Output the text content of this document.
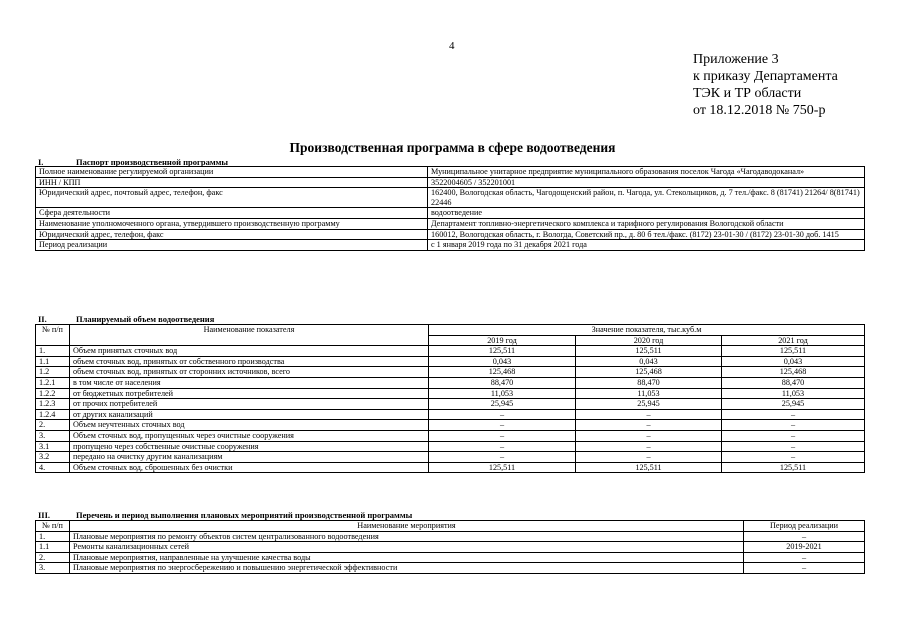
4
Приложение 3
к приказу Департамента
ТЭК и ТР области
от 18.12.2018 № 750-р
Производственная программа в сфере водоотведения
I.	Паспорт производственной программы
Полное наименование регулируемой организации	Муниципальное унитарное предприятие муниципального образования поселок Чагода «Чагодаводоканал»
ИНН / КПП	3522004605 / 352201001
Юридический адрес, почтовый адрес, телефон, факс	162400, Вологодская область, Чагодощенский район, п. Чагода, ул. Стекольщиков, д. 7 тел./факс. 8 (81741) 21264/ 8(81741) 22446
Сфера деятельности	водоотведение
Наименование уполномоченного органа, утвердившего производственную программу	Департамент топливно-энергетического комплекса и тарифного регулирования Вологодской области
Юридический адрес, телефон, факс	160012, Вологодская область, г. Вологда, Советский пр., д. 80 б тел./факс. (8172) 23-01-30 / (8172) 23-01-30 доб. 1415
Период реализации	с 1 января 2019 года по 31 декабря 2021 года
II.	Планируемый объем водоотведения
№ п/п	Наименование показателя	Значение показателя, тыс.куб.м		
		2019 год	2020 год	2021 год
1.	Объем принятых сточных вод	125,511	125,511	125,511
1.1	объем сточных вод, принятых от собственного производства	0,043	0,043	0,043
1.2	объем сточных вод, принятых от сторонних источников, всего	125,468	125,468	125,468
1.2.1	в том числе от населения	88,470	88,470	88,470
1.2.2	от бюджетных потребителей	11,053	11,053	11,053
1.2.3	от прочих потребителей	25,945	25,945	25,945
1.2.4	от других канализаций	–	–	–
2.	Объем неучтенных сточных вод	–	–	–
3.	Объем сточных вод, пропущенных через очистные сооружения	–	–	–
3.1	пропущено через собственные очистные сооружения	–	–	–
3.2	передано на очистку другим канализациям	–	–	–
4.	Объем сточных вод, сброшенных без очистки	125,511	125,511	125,511
III.	Перечень и период выполнения плановых мероприятий производственной программы
№ п/п	Наименование мероприятия	Период реализации
1.	Плановые мероприятия по ремонту объектов систем централизованного водоотведения	–
1.1	Ремонты канализационных сетей	2019-2021
2.	Плановые мероприятия, направленные на улучшение качества воды	–
3.	Плановые мероприятия по энергосбережению и повышению энергетической эффективности	–
